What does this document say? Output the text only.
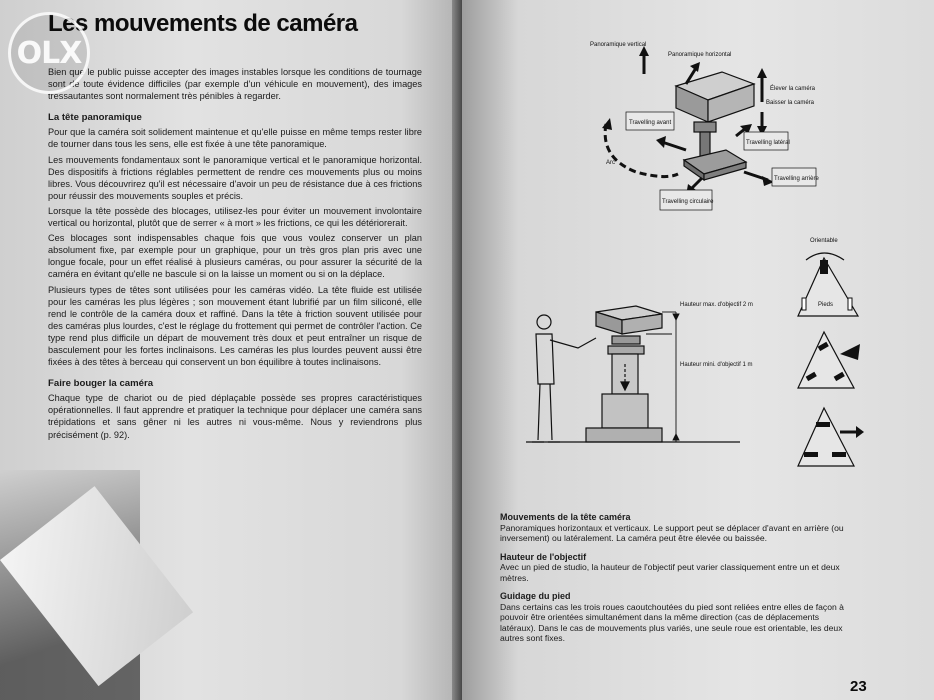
Les mouvements de caméra

Bien que le public puisse accepter des images instables lorsque les conditions de tournage sont de toute évidence difficiles (par exemple d'un véhicule en mouvement), des images tressautantes sont normalement très pénibles à regarder.

La tête panoramique

Pour que la caméra soit solidement maintenue et qu'elle puisse en même temps rester libre de tourner dans tous les sens, elle est fixée à une tête panoramique.

Les mouvements fondamentaux sont le panoramique vertical et le panoramique horizontal. Des dispositifs à frictions réglables permettent de rendre ces mouvements plus ou moins libres. Vous découvrirez qu'il est nécessaire d'avoir un peu de résistance due à ces frictions pour réussir des mouvements souples et précis.

Lorsque la tête possède des blocages, utilisez-les pour éviter un mouvement involontaire vertical ou horizontal, plutôt que de serrer « à mort » les frictions, ce qui les détériorerait.

Ces blocages sont indispensables chaque fois que vous voulez conserver un plan absolument fixe, par exemple pour un graphique, pour un très gros plan pris avec une longue focale, pour un effet réalisé à plusieurs caméras, ou pour assurer la sécurité de la caméra en évitant qu'elle ne bascule si on la laisse un moment ou si on la déplace.

Plusieurs types de têtes sont utilisées pour les caméras vidéo. La tête fluide est utilisée pour les caméras les plus légères ; son mouvement étant lubrifié par un film siliconé, elle rend le contrôle de la caméra doux et raffiné. Dans la tête à friction souvent utilisée pour des caméras plus lourdes, c'est le réglage du frottement qui permet de contrôler l'action. Ce type rend plus difficile un départ de mouvement très doux et peut entraîner un risque de basculement pour les fortes inclinaisons. Les caméras les plus lourdes peuvent aussi être fixées à des têtes à berceau qui conservent un bon équilibre à toutes inclinaisons.

Faire bouger la caméra

Chaque type de chariot ou de pied déplaçable possède ses propres caractéristiques opérationnelles. Il faut apprendre et pratiquer la technique pour déplacer une caméra sans trépidations et sans gêner ni les autres ni vous-même. Nous y reviendrons plus précisément (p. 92).

OLX	Panoramique vertical
Panoramique horizontal
Élever la caméra
Baisser la caméra
Travelling avant
Travelling latéral
Travelling arrière
Travelling circulaire
Arc
Hauteur max. d'objectif 2 m
Hauteur mini. d'objectif 1 m
Orientable
Pieds
Mouvements de la tête caméra

Panoramiques horizontaux et verticaux. Le support peut se déplacer d'avant en arrière (ou inversement) ou latéralement. La caméra peut être élevée ou baissée.

Hauteur de l'objectif

Avec un pied de studio, la hauteur de l'objectif peut varier classiquement entre un et deux mètres.

Guidage du pied

Dans certains cas les trois roues caoutchoutées du pied sont reliées entre elles de façon à pouvoir être orientées simultanément dans la même direction (cas de déplacements latéraux). Dans le cas de mouvements plus variés, une seule roue est orientable, les deux autres sont fixes.

23
